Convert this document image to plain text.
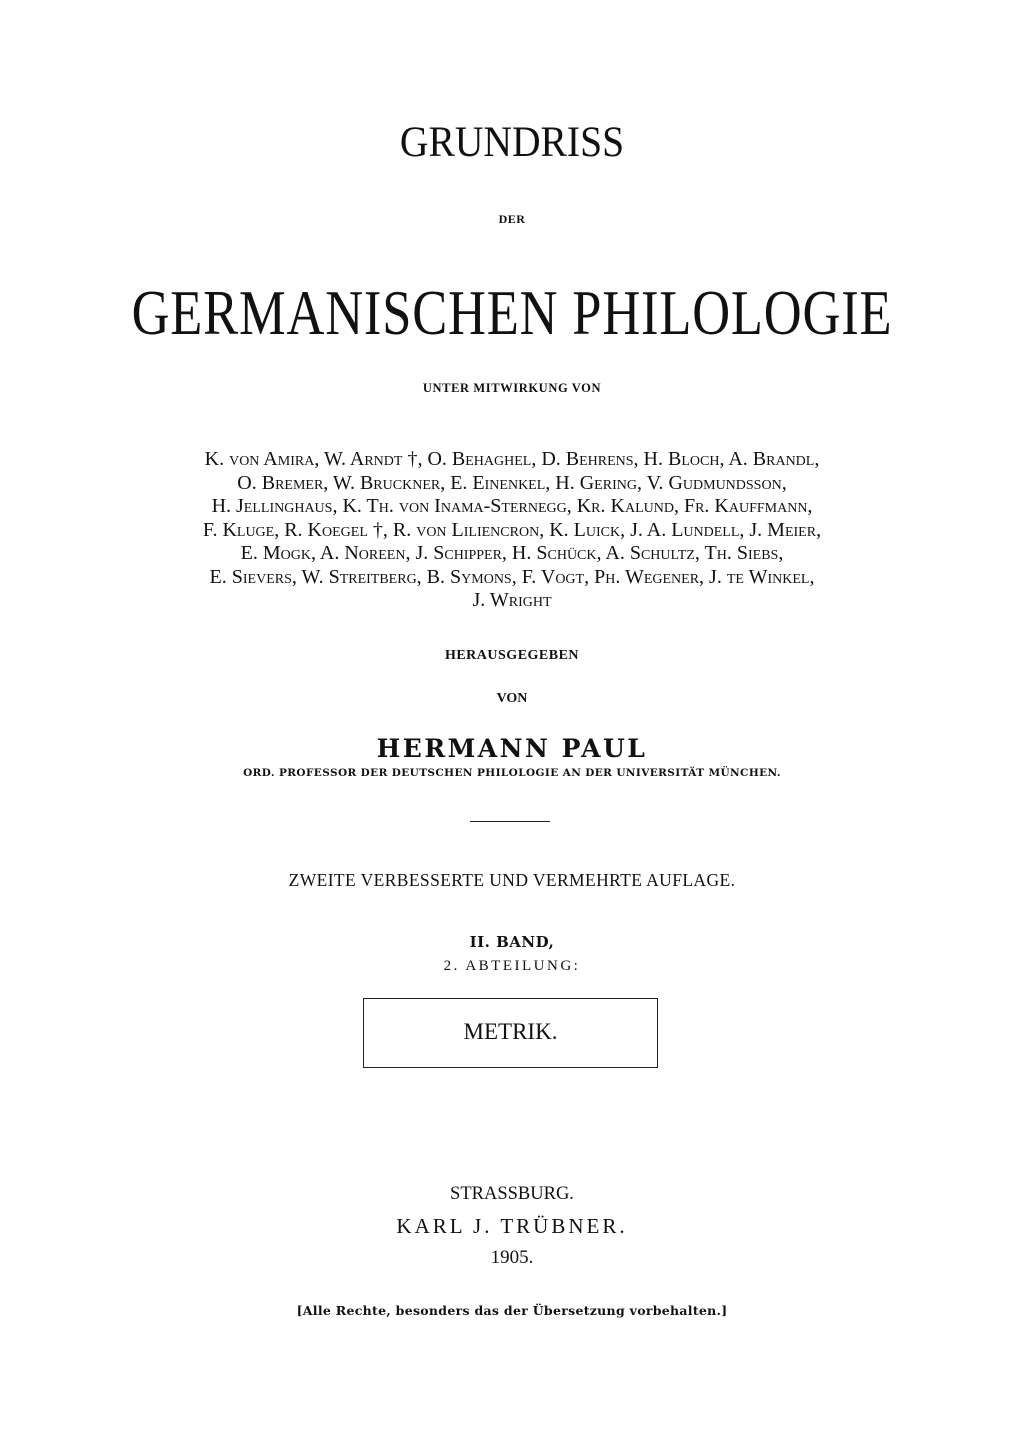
GRUNDRISS
DER
GERMANISCHEN PHILOLOGIE
UNTER MITWIRKUNG VON
K. von Amira, W. Arndt †, O. Behaghel, D. Behrens, H. Bloch, A. Brandl,
O. Bremer, W. Bruckner, E. Einenkel, H. Gering, V. Gudmundsson,
H. Jellinghaus, K. Th. von Inama-Sternegg, Kr. Kalund, Fr. Kauffmann,
F. Kluge, R. Koegel †, R. von Liliencron, K. Luick, J. A. Lundell, J. Meier,
E. Mogk, A. Noreen, J. Schipper, H. Schück, A. Schultz, Th. Siebs,
E. Sievers, W. Streitberg, B. Symons, F. Vogt, Ph. Wegener, J. te Winkel,
J. Wright
HERAUSGEGEBEN
VON
HERMANN PAUL
ORD. PROFESSOR DER DEUTSCHEN PHILOLOGIE AN DER UNIVERSITÄT MÜNCHEN.
ZWEITE VERBESSERTE UND VERMEHRTE AUFLAGE.
II. BAND,
2. ABTEILUNG:
METRIK.
STRASSBURG.
KARL J. TRÜBNER.
1905.
[Alle Rechte, besonders das der Übersetzung vorbehalten.]
